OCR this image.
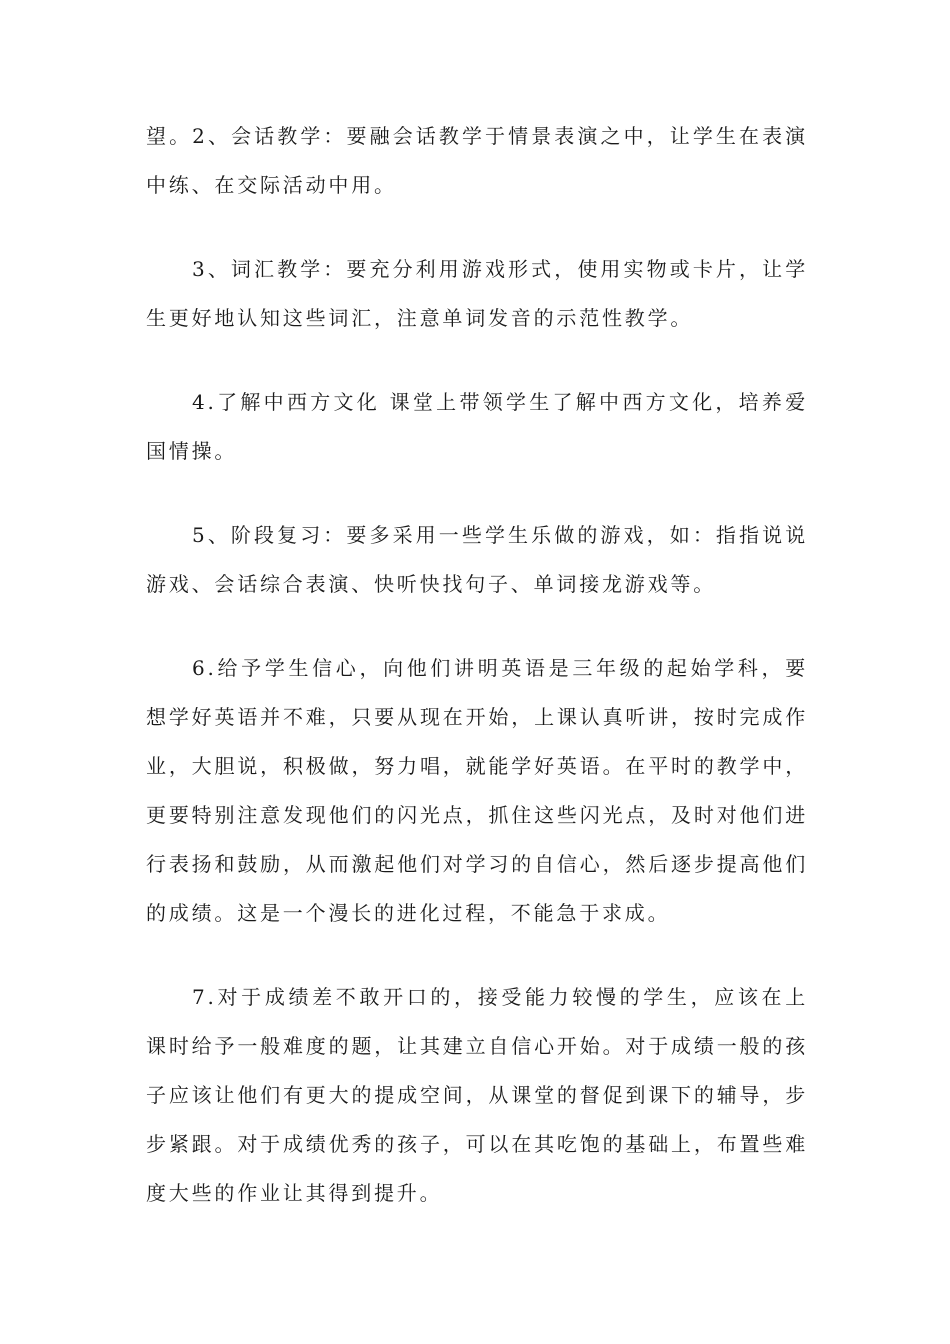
望。2、会话教学：要融会话教学于情景表演之中，让学生在表演中练、在交际活动中用。

3、词汇教学：要充分利用游戏形式，使用实物或卡片，让学生更好地认知这些词汇，注意单词发音的示范性教学。

4.了解中西方文化 课堂上带领学生了解中西方文化，培养爱国情操。

5、阶段复习：要多采用一些学生乐做的游戏，如：指指说说游戏、会话综合表演、快听快找句子、单词接龙游戏等。

6.给予学生信心，向他们讲明英语是三年级的起始学科，要想学好英语并不难，只要从现在开始，上课认真听讲，按时完成作业，大胆说，积极做，努力唱，就能学好英语。在平时的教学中，更要特别注意发现他们的闪光点，抓住这些闪光点，及时对他们进行表扬和鼓励，从而激起他们对学习的自信心，然后逐步提高他们的成绩。这是一个漫长的进化过程，不能急于求成。

7.对于成绩差不敢开口的，接受能力较慢的学生，应该在上课时给予一般难度的题，让其建立自信心开始。对于成绩一般的孩子应该让他们有更大的提成空间，从课堂的督促到课下的辅导，步步紧跟。对于成绩优秀的孩子，可以在其吃饱的基础上，布置些难度大些的作业让其得到提升。
